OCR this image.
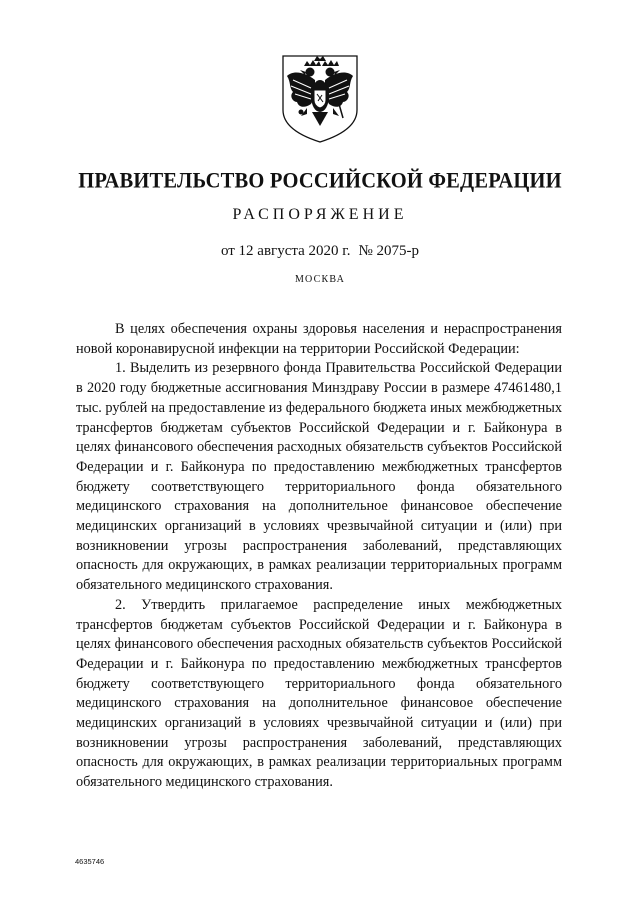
ПРАВИТЕЛЬСТВО РОССИЙСКОЙ ФЕДЕРАЦИИ
РАСПОРЯЖЕНИЕ
от 12 августа 2020 г. № 2075-р
МОСКВА

В целях обеспечения охраны здоровья населения и нераспространения новой коронавирусной инфекции на территории Российской Федерации:

1. Выделить из резервного фонда Правительства Российской Федерации в 2020 году бюджетные ассигнования Минздраву России в размере 47461480,1 тыс. рублей на предоставление из федерального бюджета иных межбюджетных трансфертов бюджетам субъектов Российской Федерации и г. Байконура в целях финансового обеспечения расходных обязательств субъектов Российской Федерации и г. Байконура по предоставлению межбюджетных трансфертов бюджету соответствующего территориального фонда обязательного медицинского страхования на дополнительное финансовое обеспечение медицинских организаций в условиях чрезвычайной ситуации и (или) при возникновении угрозы распространения заболеваний, представляющих опасность для окружающих, в рамках реализации территориальных программ обязательного медицинского страхования.

2. Утвердить прилагаемое распределение иных межбюджетных трансфертов бюджетам субъектов Российской Федерации и г. Байконура в целях финансового обеспечения расходных обязательств субъектов Российской Федерации и г. Байконура по предоставлению межбюджетных трансфертов бюджету соответствующего территориального фонда обязательного медицинского страхования на дополнительное финансовое обеспечение медицинских организаций в условиях чрезвычайной ситуации и (или) при возникновении угрозы распространения заболеваний, представляющих опасность для окружающих, в рамках реализации территориальных программ обязательного медицинского страхования.

4635746
